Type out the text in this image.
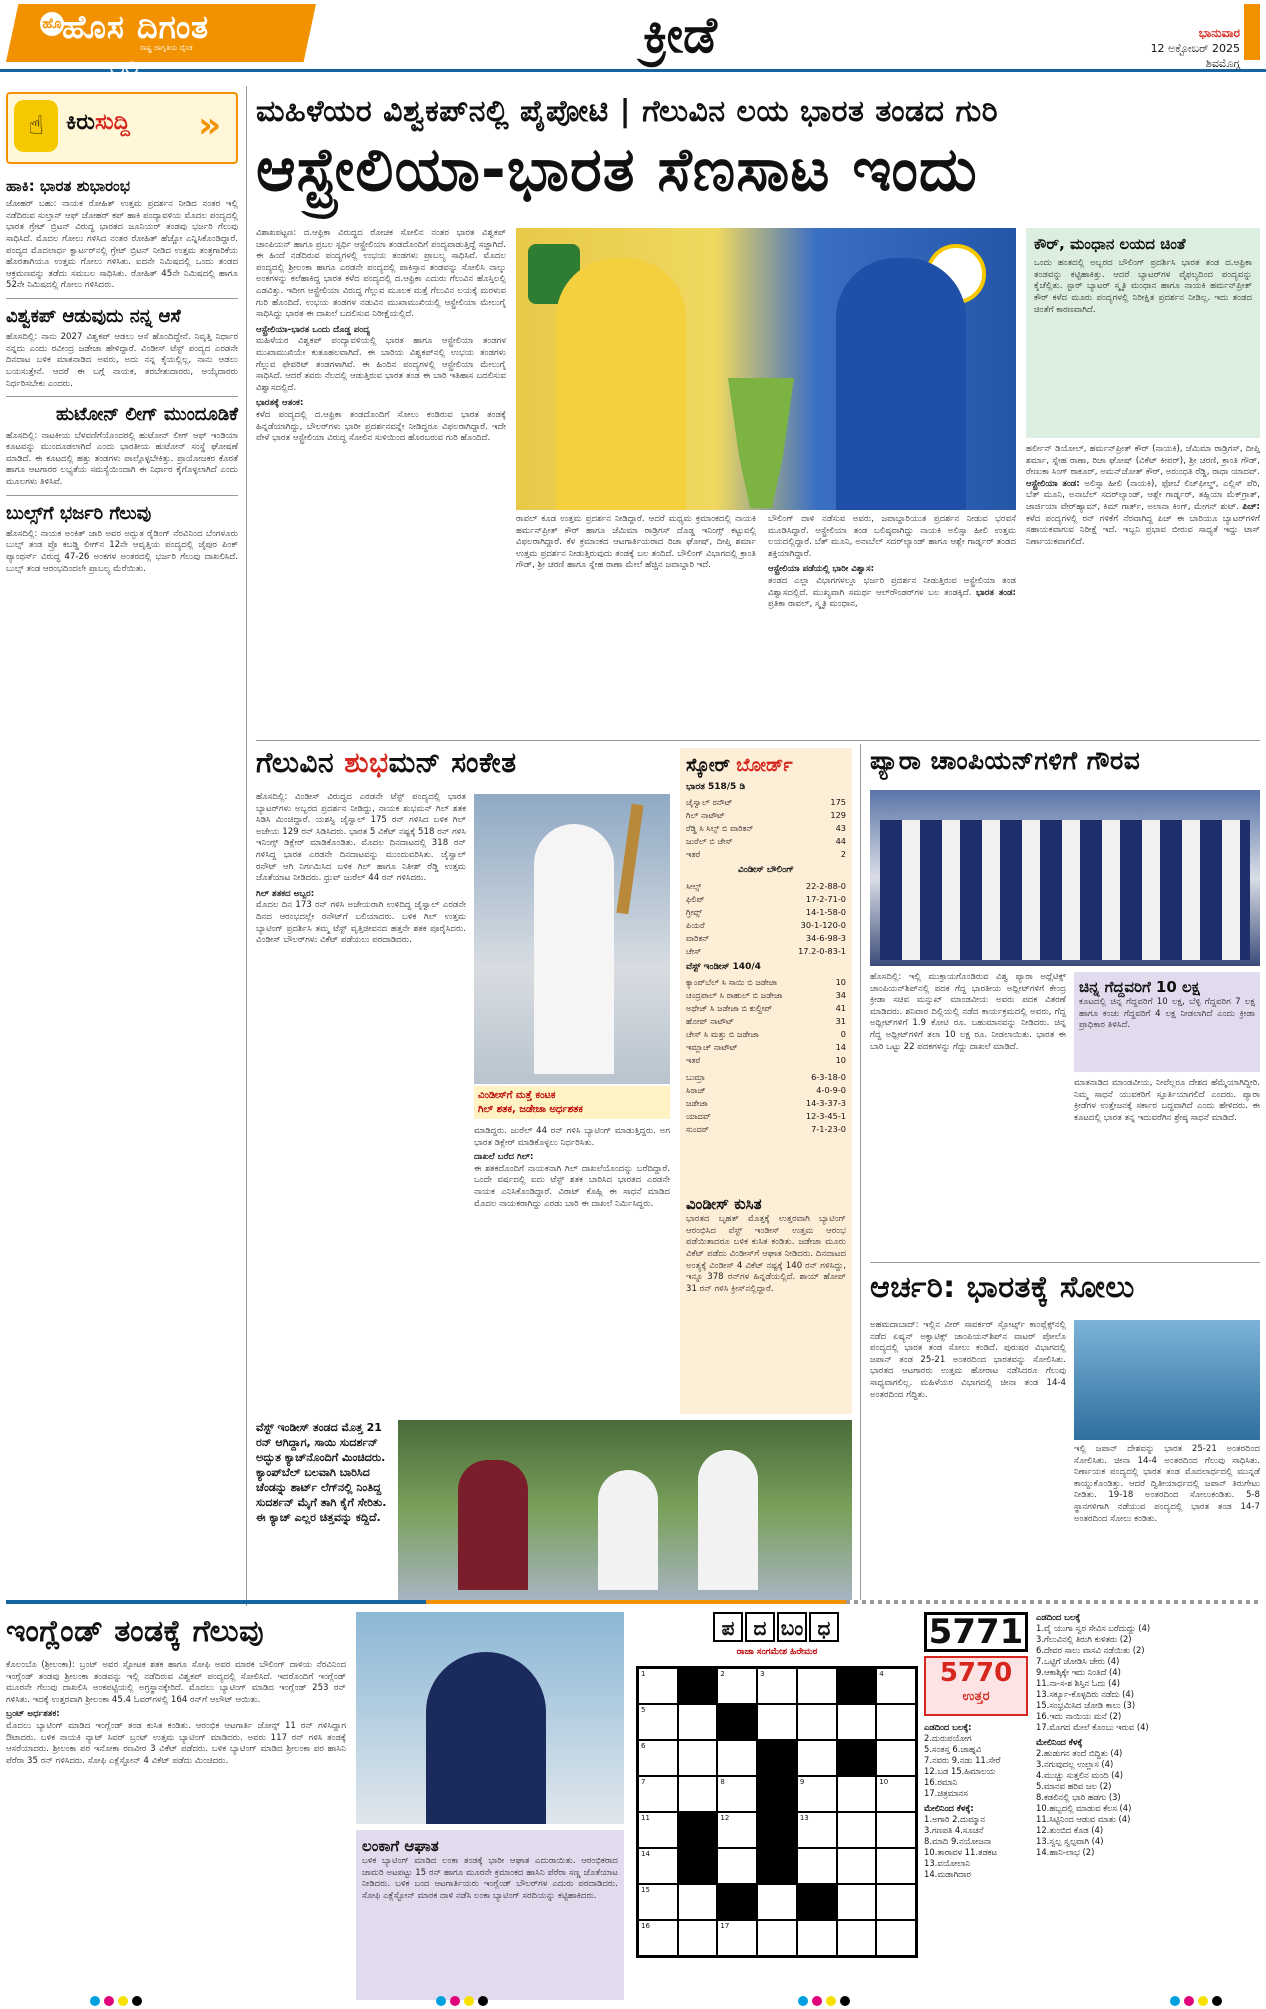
ಹೊ ಹೊಸ ದಿಗಂತ
೧೦
ರಾಷ್ಟ್ರ ಜಾಗೃತಿಯ ದೈನಿಕ	ಕ್ರೀಡೆ	ಭಾನುವಾರ
12 ಅಕ್ಟೋಬರ್ 2025
ಶಿವಮೊಗ್ಗ
☝	ಕಿರುಸುದ್ದಿ »
ಹಾಕಿ: ಭಾರತ ಶುಭಾರಂಭ
ಜೋಹರ್ ಬಹು: ನಾಯಕ ರೋಹಿತ್ ಉತ್ತಮ ಪ್ರದರ್ಶನ ನೀಡಿದ ನಂತರ ಇಲ್ಲಿ ನಡೆದಿರುವ ಸುಲ್ತಾನ್ ಆಫ್ ಜೋಹರ್ ಕಪ್ ಹಾಕಿ ಪಂದ್ಯಾವಳಿಯ ಮೊದಲ ಪಂದ್ಯದಲ್ಲಿ ಭಾರತ ಗ್ರೇಟ್ ಬ್ರಿಟನ್ ವಿರುದ್ಧ ಭಾರತದ ಜೂನಿಯರ್ ತಂಡವು ಭರ್ಜರಿ ಗೆಲುವು ಸಾಧಿಸಿದೆ. ಮೊದಲ ಗೋಲು ಗಳಿಸಿದ ನಂತರ ರೋಹಿತ್ ಹೆಚ್ಚೋ ಎನ್ನಿಸಿಕೊಂಡಿದ್ದಾರೆ. ಪಂದ್ಯದ ಮೊದಲಾರ್ಧ ಕ್ವಾರ್ಟರ್‌ನಲ್ಲಿ ಗ್ರೇಟ್ ಬ್ರಿಟನ್ ನೀಡಿದ ಉತ್ತಮ ತಂತ್ರಗಾರಿಕೆಯ ಹೊರತಾಗಿಯೂ ಉತ್ತಮ ಗೋಲು ಗಳಿಸಿತು. ಐದನೇ ನಿಮಿಷದಲ್ಲಿ ಒಂದು ತಂಡದ ಆಕ್ರಮಣವನ್ನು ತಡೆದು ಸಮಬಲ ಸಾಧಿಸಿತು. ರೋಹಿತ್ 45ನೇ ನಿಮಿಷದಲ್ಲಿ ಹಾಗೂ 52ನೇ ನಿಮಿಷದಲ್ಲಿ ಗೋಲು ಗಳಿಸಿದರು.
ವಿಶ್ವಕಪ್ ಆಡುವುದು ನನ್ನ ಆಸೆ
ಹೊಸದಿಲ್ಲಿ: ನಾನು 2027 ವಿಶ್ವಕಪ್ ಆಡಲು ಆಸೆ ಹೊಂದಿದ್ದೇನೆ. ನಿವೃತ್ತಿ ನಿರ್ಧಾರ ನನ್ನದು ಎಂದು ರವೀಂದ್ರ ಜಡೇಜಾ ಹೇಳಿದ್ದಾರೆ. ವಿಂಡೀಸ್ ಟೆಸ್ಟ್ ಪಂದ್ಯದ ಎರಡನೇ ದಿನದಾಟ ಬಳಿಕ ಮಾತನಾಡಿದ ಅವರು, ಅದು ನನ್ನ ಕೈಯಲ್ಲಿಲ್ಲ, ನಾನು ಆಡಲು ಬಯಸುತ್ತೇನೆ. ಆದರೆ ಈ ಬಗ್ಗೆ ನಾಯಕ, ತರಬೇತುದಾರರು, ಆಯ್ಕೆದಾರರು ನಿರ್ಧರಿಸಬೇಕು ಎಂದರು.
ಹುಟೋನ್ ಲೀಗ್ ಮುಂದೂಡಿಕೆ
ಹೊಸದಿಲ್ಲಿ: ನಾಟಕೀಯ ಬೆಳವಣಿಗೆಯೊಂದರಲ್ಲಿ ಹುಟೋನ್ ಲೀಗ್ ಆಫ್ ಇಂಡಿಯಾ ಕೂಟವನ್ನು ಮುಂದೂಡಲಾಗಿದೆ ಎಂದು ಭಾರತೀಯ ಹುಟೋನ್ ಸಂಸ್ಥೆ ಘೋಷಣೆ ಮಾಡಿದೆ. ಈ ಕೂಟದಲ್ಲಿ ಹತ್ತು ತಂಡಗಳು ಪಾಲ್ಗೊಳ್ಳಬೇಕಿತ್ತು. ಪ್ರಾಯೋಜಕರ ಕೊರತೆ ಹಾಗೂ ಆಟಗಾರರ ಲಭ್ಯತೆಯ ಸಮಸ್ಯೆಯಿಂದಾಗಿ ಈ ನಿರ್ಧಾರ ಕೈಗೊಳ್ಳಲಾಗಿದೆ ಎಂದು ಮೂಲಗಳು ತಿಳಿಸಿವೆ.
ಬುಲ್ಸ್‌ಗೆ ಭರ್ಜರಿ ಗೆಲುವು
ಹೊಸದಿಲ್ಲಿ: ನಾಯಕ ಅಂಕಿತ್ ಜಾರಿ ಅವರ ಅದ್ಭುತ ರೈಡಿಂಗ್ ನೆರವಿನಿಂದ ಬೆಂಗಳೂರು ಬುಲ್ಸ್ ತಂಡ ಪ್ರೊ ಕಬಡ್ಡಿ ಲೀಗ್‌ನ 12ನೇ ಆವೃತ್ತಿಯ ಪಂದ್ಯದಲ್ಲಿ ಜೈಪುರ ಪಿಂಕ್ ಪ್ಯಾಂಥರ್ಸ್ ವಿರುದ್ಧ 47-26 ಅಂಕಗಳ ಅಂತರದಲ್ಲಿ ಭರ್ಜರಿ ಗೆಲುವು ದಾಖಲಿಸಿದೆ. ಬುಲ್ಸ್ ತಂಡ ಆರಂಭದಿಂದಲೇ ಪ್ರಾಬಲ್ಯ ಮೆರೆಯಿತು.
ಮಹಿಳೆಯರ ವಿಶ್ವಕಪ್‌ನಲ್ಲಿ ಪೈಪೋಟಿ | ಗೆಲುವಿನ ಲಯ ಭಾರತ ತಂಡದ ಗುರಿ
ಆಸ್ಟ್ರೇಲಿಯಾ-ಭಾರತ ಸೆಣಸಾಟ ಇಂದು
ವಿಶಾಖಪಟ್ಟಣ: ದ.ಆಫ್ರಿಕಾ ವಿರುದ್ಧದ ರೋಚಕ ಸೋಲಿನ ನಂತರ ಭಾರತ ವಿಶ್ವಕಪ್ ಚಾಂಪಿಯನ್ ಹಾಗೂ ಪ್ರಬಲ ಸ್ಪರ್ಧಿ ಆಸ್ಟ್ರೇಲಿಯಾ ತಂಡದೊಂದಿಗೆ ಪಂದ್ಯವಾಡುತ್ತಿದ್ದೆ ಸಜ್ಜಾಗಿದೆ. ಈ ಹಿಂದೆ ನಡೆದಿರುವ ಪಂದ್ಯಗಳಲ್ಲಿ ಉಭಯ ತಂಡಗಳು ಪ್ರಾಬಲ್ಯ ಸಾಧಿಸಿವೆ. ಮೊದಲ ಪಂದ್ಯದಲ್ಲಿ ಶ್ರೀಲಂಕಾ ಹಾಗೂ ಎರಡನೇ ಪಂದ್ಯದಲ್ಲಿ ಪಾಕಿಸ್ತಾನ ತಂಡವನ್ನು ಸೋಲಿಸಿ ನಾಲ್ಕು ಅಂಕಗಳನ್ನು ಕಲೆಹಾಕಿದ್ದ ಭಾರತ ಕಳೆದ ಪಂದ್ಯದಲ್ಲಿ ದ.ಆಫ್ರಿಕಾ ಎದುರು ಗೆಲುವಿನ ಹೊಸ್ತಿಲಲ್ಲಿ ಎಡವಿತ್ತು. ಇದೀಗ ಆಸ್ಟ್ರೇಲಿಯಾ ವಿರುದ್ಧ ಗೆಲ್ಲುವ ಮೂಲಕ ಮತ್ತೆ ಗೆಲುವಿನ ಲಯಕ್ಕೆ ಮರಳುವ ಗುರಿ ಹೊಂದಿದೆ. ಉಭಯ ತಂಡಗಳ ನಡುವಿನ ಮುಖಾಮುಖಿಯಲ್ಲಿ ಆಸ್ಟ್ರೇಲಿಯಾ ಮೇಲುಗೈ ಸಾಧಿಸಿದ್ದು ಭಾರತ ಈ ದಾಖಲೆ ಬದಲಿಸುವ ನಿರೀಕ್ಷೆಯಲ್ಲಿದೆ.
ಆಸ್ಟ್ರೇಲಿಯಾ-ಭಾರತ ಒಂದು ದೊಡ್ಡ ಪಂದ್ಯ
ಮಹಿಳೆಯರ ವಿಶ್ವಕಪ್ ಪಂದ್ಯಾವಳಿಯಲ್ಲಿ ಭಾರತ ಹಾಗೂ ಆಸ್ಟ್ರೇಲಿಯಾ ತಂಡಗಳ ಮುಖಾಮುಖಿಯೇ ಕುತೂಹಲವಾಗಿದೆ. ಈ ಬಾರಿಯ ವಿಶ್ವಕಪ್‌ನಲ್ಲಿ ಉಭಯ ತಂಡಗಳು ಗೆಲ್ಲುವ ಫೇವರಿಟ್ ತಂಡಗಳಾಗಿವೆ. ಈ ಹಿಂದಿನ ಪಂದ್ಯಗಳಲ್ಲಿ ಆಸ್ಟ್ರೇಲಿಯಾ ಮೇಲುಗೈ ಸಾಧಿಸಿದೆ. ಆದರೆ ತವರು ನೆಲದಲ್ಲಿ ಆಡುತ್ತಿರುವ ಭಾರತ ತಂಡ ಈ ಬಾರಿ ಇತಿಹಾಸ ಬದಲಿಸುವ ವಿಶ್ವಾಸದಲ್ಲಿದೆ.
ಭಾರತಕ್ಕೆ ಆತಂಕ:
ಕಳೆದ ಪಂದ್ಯದಲ್ಲಿ ದ.ಆಫ್ರಿಕಾ ತಂಡದೊಂದಿಗೆ ಸೋಲು ಕಂಡಿರುವ ಭಾರತ ತಂಡಕ್ಕೆ ಹಿನ್ನಡೆಯಾಗಿದ್ದು, ಬೌಲರ್‌ಗಳು ಭಾರೀ ಪ್ರದರ್ಶನವನ್ನೇ ನೀಡಿದ್ದರೂ ವಿಫಲರಾಗಿದ್ದಾರೆ. ಇದೇ ವೇಳೆ ಭಾರತ ಆಸ್ಟ್ರೇಲಿಯಾ ವಿರುದ್ಧ ಸೋಲಿನ ಸುಳಿಯಿಂದ ಹೊರಬರುವ ಗುರಿ ಹೊಂದಿದೆ.
ರಾವಲ್ ಕೂಡ ಉತ್ತಮ ಪ್ರದರ್ಶನ ನೀಡಿದ್ದಾರೆ. ಆದರೆ ಮಧ್ಯಮ ಕ್ರಮಾಂಕದಲ್ಲಿ ನಾಯಕಿ ಹರ್ಮನ್‌ಪ್ರೀತ್ ಕೌರ್ ಹಾಗೂ ಜೆಮಿಮಾ ರಾಡ್ರಿಗಸ್ ದೊಡ್ಡ ಇನಿಂಗ್ಸ್ ಕಟ್ಟುವಲ್ಲಿ ವಿಫಲರಾಗಿದ್ದಾರೆ. ಕೆಳ ಕ್ರಮಾಂಕದ ಆಟಗಾರ್ತಿಯರಾದ ರಿಚಾ ಘೋಷ್, ದೀಪ್ತಿ ಶರ್ಮಾ ಉತ್ತಮ ಪ್ರದರ್ಶನ ನೀಡುತ್ತಿರುವುದು ತಂಡಕ್ಕೆ ಬಲ ತಂದಿದೆ. ಬೌಲಿಂಗ್ ವಿಭಾಗದಲ್ಲಿ ಕ್ರಾಂತಿ ಗೌಡ್, ಶ್ರೀ ಚರಣಿ ಹಾಗೂ ಸ್ನೇಹ ರಾಣಾ ಮೇಲೆ ಹೆಚ್ಚಿನ ಜವಾಬ್ದಾರಿ ಇದೆ.
ಬೌಲಿಂಗ್ ದಾಳಿ ನಡೆಸುವ ಅವರು, ಜವಾಬ್ದಾರಿಯುತ ಪ್ರದರ್ಶನ ನೀಡುವ ಭರವಸೆ ಮೂಡಿಸಿದ್ದಾರೆ. ಆಸ್ಟ್ರೇಲಿಯಾ ತಂಡ ಬಲಿಷ್ಠವಾಗಿದ್ದು ನಾಯಕಿ ಅಲಿಸ್ಸಾ ಹೀಲಿ ಉತ್ತಮ ಲಯದಲ್ಲಿದ್ದಾರೆ. ಬೆತ್ ಮೂನಿ, ಅನಾಬೆಲ್ ಸದರ್‌ಲ್ಯಾಂಡ್ ಹಾಗೂ ಆಶ್ಲೇ ಗಾರ್ಡ್ನರ್ ತಂಡದ ಶಕ್ತಿಯಾಗಿದ್ದಾರೆ.
ಆಸ್ಟ್ರೇಲಿಯಾ ಪಡೆಯಲ್ಲಿ ಭಾರೀ ವಿಶ್ವಾಸ:
ತಂಡದ ಎಲ್ಲಾ ವಿಭಾಗಗಳಲ್ಲೂ ಭರ್ಜರಿ ಪ್ರದರ್ಶನ ನೀಡುತ್ತಿರುವ ಆಸ್ಟ್ರೇಲಿಯಾ ತಂಡ ವಿಶ್ವಾಸದಲ್ಲಿದೆ. ಮುಖ್ಯವಾಗಿ ಸಮರ್ಥ ಆಲ್‌ರೌಂಡರ್‌ಗಳ ಬಲ ತಂಡಕ್ಕಿದೆ. ಭಾರತ ತಂಡ: ಪ್ರತಿಕಾ ರಾವಲ್, ಸ್ಮೃತಿ ಮಂಧಾನ,
ಕೌರ್, ಮಂಧಾನ ಲಯದ ಚಿಂತೆ
ಒಂದು ಹಂತದಲ್ಲಿ ಅಬ್ಬರದ ಬೌಲಿಂಗ್ ಪ್ರದರ್ಶಿಸಿ ಭಾರತ ತಂಡ ದ.ಆಫ್ರಿಕಾ ತಂಡವನ್ನು ಕಟ್ಟಿಹಾಕಿತ್ತು. ಆದರೆ ಬ್ಯಾಟರ್‌ಗಳ ವೈಫಲ್ಯದಿಂದ ಪಂದ್ಯವನ್ನು ಕೈಚೆಲ್ಲಿತು. ಸ್ಟಾರ್ ಬ್ಯಾಟರ್ ಸ್ಮೃತಿ ಮಂಧಾನ ಹಾಗೂ ನಾಯಕಿ ಹರ್ಮನ್‌ಪ್ರೀತ್ ಕೌರ್ ಕಳೆದ ಮೂರು ಪಂದ್ಯಗಳಲ್ಲಿ ನಿರೀಕ್ಷಿತ ಪ್ರದರ್ಶನ ನೀಡಿಲ್ಲ. ಇದು ತಂಡದ ಚಿಂತೆಗೆ ಕಾರಣವಾಗಿದೆ.
ಹರ್ಲೀನ್ ಡಿಯೋಲ್, ಹರ್ಮನ್‌ಪ್ರೀತ್ ಕೌರ್ (ನಾಯಕಿ), ಜೆಮಿಮಾ ರಾಡ್ರಿಗಸ್, ದೀಪ್ತಿ ಶರ್ಮಾ, ಸ್ನೇಹ ರಾಣಾ, ರಿಚಾ ಘೋಷ್ (ವಿಕೆಟ್ ಕೀಪರ್), ಶ್ರೀ ಚರಣಿ, ಕ್ರಾಂತಿ ಗೌಡ್, ರೇಣುಕಾ ಸಿಂಗ್ ಠಾಕೂರ್, ಅಮನ್‌ಜೋತ್ ಕೌರ್, ಅರುಂಧತಿ ರೆಡ್ಡಿ, ರಾಧಾ ಯಾದವ್. ಆಸ್ಟ್ರೇಲಿಯಾ ತಂಡ: ಅಲಿಸ್ಸಾ ಹೀಲಿ (ನಾಯಕಿ), ಫೋಬೆ ಲಿಚ್‌ಫೀಲ್ಡ್, ಎಲ್ಲಿಸ್ ಪೆರಿ, ಬೆತ್ ಮೂನಿ, ಅನಾಬೆಲ್ ಸದರ್‌ಲ್ಯಾಂಡ್, ಆಶ್ಲೇ ಗಾರ್ಡ್ನರ್, ತಹ್ಲಿಯಾ ಮೆಕ್‌ಗ್ರಾತ್, ಜಾರ್ಜಿಯಾ ವೇರ್‌ಹ್ಯಾಮ್, ಕಿಮ್ ಗಾರ್ತ್, ಅಲಾನಾ ಕಿಂಗ್, ಮೇಗನ್ ಶುಟ್. ಪಿಚ್: ಕಳೆದ ಪಂದ್ಯಗಳಲ್ಲಿ ರನ್‌ ಗಳಿಕೆಗೆ ನೆರವಾಗಿದ್ದ ಪಿಚ್ ಈ ಬಾರಿಯೂ ಬ್ಯಾಟರ್‌ಗಳಿಗೆ ಸಹಾಯಕವಾಗುವ ನಿರೀಕ್ಷೆ ಇದೆ. ಇಬ್ಬನಿ ಪ್ರಭಾವ ಬೀರುವ ಸಾಧ್ಯತೆ ಇದ್ದು ಟಾಸ್ ನಿರ್ಣಾಯಕವಾಗಲಿದೆ.
ಗೆಲುವಿನ ಶುಭಮನ್ ಸಂಕೇತ
ಹೊಸದಿಲ್ಲಿ: ವಿಂಡೀಸ್ ವಿರುದ್ಧದ ಎರಡನೇ ಟೆಸ್ಟ್ ಪಂದ್ಯದಲ್ಲಿ ಭಾರತ ಬ್ಯಾಟರ್‌ಗಳು ಅಬ್ಬರದ ಪ್ರದರ್ಶನ ನೀಡಿದ್ದು, ನಾಯಕ ಶುಭಮನ್ ಗಿಲ್ ಶತಕ ಸಿಡಿಸಿ ಮಿಂಚಿದ್ದಾರೆ. ಯಶಸ್ವಿ ಜೈಸ್ವಾಲ್ 175 ರನ್ ಗಳಿಸಿದ ಬಳಿಕ ಗಿಲ್ ಅಜೇಯ 129 ರನ್ ಸಿಡಿಸಿದರು. ಭಾರತ 5 ವಿಕೆಟ್ ನಷ್ಟಕ್ಕೆ 518 ರನ್ ಗಳಿಸಿ ಇನಿಂಗ್ಸ್ ಡಿಕ್ಲೇರ್ ಮಾಡಿಕೊಂಡಿತು. ಮೊದಲ ದಿನದಾಟದಲ್ಲಿ 318 ರನ್ ಗಳಿಸಿದ್ದ ಭಾರತ ಎರಡನೇ ದಿನದಾಟವನ್ನು ಮುಂದುವರಿಸಿತು. ಜೈಸ್ವಾಲ್ ರನೌಟ್ ಆಗಿ ನಿರ್ಗಮಿಸಿದ ಬಳಿಕ ಗಿಲ್ ಹಾಗೂ ನಿತೀಶ್ ರೆಡ್ಡಿ ಉತ್ತಮ ಜೊತೆಯಾಟ ನೀಡಿದರು. ಧ್ರುವ್ ಜುರೆಲ್ 44 ರನ್ ಗಳಿಸಿದರು.
ಗಿಲ್ ಶತಕದ ಅಬ್ಬರ:
ಮೊದಲ ದಿನ 173 ರನ್ ಗಳಿಸಿ ಅಜೇಯರಾಗಿ ಉಳಿದಿದ್ದ ಜೈಸ್ವಾಲ್ ಎರಡನೇ ದಿನದ ಆರಂಭದಲ್ಲೇ ರನೌಟ್‌ಗೆ ಬಲಿಯಾದರು. ಬಳಿಕ ಗಿಲ್ ಉತ್ತಮ ಬ್ಯಾಟಿಂಗ್ ಪ್ರದರ್ಶಿಸಿ ತಮ್ಮ ಟೆಸ್ಟ್ ವೃತ್ತಿಜೀವನದ ಹತ್ತನೇ ಶತಕ ಪೂರೈಸಿದರು. ವಿಂಡೀಸ್ ಬೌಲರ್‌ಗಳು ವಿಕೆಟ್ ಪಡೆಯಲು ಪರದಾಡಿದರು.
ವಿಂಡೀಸ್‌ಗೆ ಮತ್ತೆ ಕಂಟಕ
ಗಿಲ್ ಶತಕ, ಜಡೇಜಾ ಅರ್ಧಶತಕ
ಮಾಡಿದ್ದರು. ಜುರೆಲ್ 44 ರನ್ ಗಳಿಸಿ ಬ್ಯಾಟಿಂಗ್ ಮಾಡುತ್ತಿದ್ದರು. ಅಗ ಭಾರತ ಡಿಕ್ಲೇರ್ ಮಾಡಿಕೊಳ್ಳಲು ನಿರ್ಧರಿಸಿತು.
ದಾಖಲೆ ಬರೆದ ಗಿಲ್:
ಈ ಶತಕದೊಂದಿಗೆ ನಾಯಕನಾಗಿ ಗಿಲ್ ದಾಖಲೆಯೊಂದನ್ನು ಬರೆದಿದ್ದಾರೆ. ಒಂದೇ ವರ್ಷದಲ್ಲಿ ಐದು ಟೆಸ್ಟ್ ಶತಕ ಬಾರಿಸಿದ ಭಾರತದ ಎರಡನೇ ನಾಯಕ ಎನಿಸಿಕೊಂಡಿದ್ದಾರೆ. ವಿರಾಟ್ ಕೊಹ್ಲಿ ಈ ಸಾಧನೆ ಮಾಡಿದ ಮೊದಲ ನಾಯಕರಾಗಿದ್ದು ಎರಡು ಬಾರಿ ಈ ದಾಖಲೆ ನಿರ್ಮಿಸಿದ್ದರು.
ವೆಸ್ಟ್ ಇಂಡೀಸ್ ತಂಡದ ಮೊತ್ತ 21 ರನ್ ಆಗಿದ್ದಾಗ, ಸಾಯಿ ಸುದರ್ಶನ್ ಅದ್ಭುತ ಕ್ಯಾಚ್‌ನೊಂದಿಗೆ ಮಿಂಚಿದರು. ಕ್ಯಾಂಪ್‌ಬೆಲ್ ಬಲವಾಗಿ ಬಾರಿಸಿದ ಚೆಂಡನ್ನು ಶಾರ್ಟ್ ಲೆಗ್‌ನಲ್ಲಿ ನಿಂತಿದ್ದ ಸುದರ್ಶನ್ ಮೈಗೆ ತಾಗಿ ಕೈಗೆ ಸೇರಿತು. ಈ ಕ್ಯಾಚ್ ಎಲ್ಲರ ಚಿತ್ತವನ್ನು ಕದ್ದಿದೆ.
ಸ್ಕೋರ್ ಬೋರ್ಡ್
ಭಾರತ 518/5 ಡಿ
ಜೈಸ್ವಾಲ್ ರನೌಟ್	175
ಗಿಲ್ ನಾಟೌಟ್	129
ರೆಡ್ಡಿ ಸಿ ಸಿಲ್ಸ್ ಬಿ ವಾರಿಕನ್	43
ಜುರೆಲ್ ಬಿ ಚೇಸ್	44
ಇತರೆ	2
ವಿಂಡೀಸ್ ಬೌಲಿಂಗ್
ಸೀಲ್ಸ್	22-2-88-0
ಫಿಲಿಪ್	17-2-71-0
ಗ್ರೀವ್ಸ್	14-1-58-0
ಪಿಯರೆ	30-1-120-0
ವಾರಿಕನ್	34-6-98-3
ಚೇಸ್	17.2-0-83-1
ವೆಸ್ಟ್ ಇಂಡೀಸ್ 140/4
ಕ್ಯಾಂಪ್‌ಬೆಲ್ ಸಿ ಸಾಯಿ ಬಿ ಜಡೇಜಾ	10
ಚಂದ್ರಪಾಲ್ ಸಿ ರಾಹುಲ್ ಬಿ ಜಡೇಜಾ	34
ಅಥೇಜ್ ಸಿ ಜಡೇಜಾ ಬಿ ಕುಲ್ದೀಪ್	41
ಹೋಪ್ ನಾಟೌಟ್	31
ಚೇಸ್ ಸಿ ಮತ್ತು ಬಿ ಜಡೇಜಾ	0
ಇಮ್ಲಾಚ್ ನಾಟೌಟ್	14
ಇತರೆ	10
ಬುಮ್ರಾ	6-3-18-0
ಸಿರಾಜ್	4-0-9-0
ಜಡೇಜಾ	14-3-37-3
ಯಾದವ್	12-3-45-1
ಸುಂದರ್	7-1-23-0
ವಿಂಡೀಸ್ ಕುಸಿತ
ಭಾರತದ ಬೃಹತ್ ಮೊತ್ತಕ್ಕೆ ಉತ್ತರವಾಗಿ ಬ್ಯಾಟಿಂಗ್ ಆರಂಭಿಸಿದ ವೆಸ್ಟ್ ಇಂಡೀಸ್ ಉತ್ತಮ ಆರಂಭ ಪಡೆಯಿತಾದರೂ ಬಳಿಕ ಕುಸಿತ ಕಂಡಿತು. ಜಡೇಜಾ ಮೂರು ವಿಕೆಟ್ ಪಡೆದು ವಿಂಡೀಸ್‌ಗೆ ಆಘಾತ ನೀಡಿದರು. ದಿನದಾಟದ ಅಂತ್ಯಕ್ಕೆ ವಿಂಡೀಸ್ 4 ವಿಕೆಟ್ ನಷ್ಟಕ್ಕೆ 140 ರನ್ ಗಳಿಸಿದ್ದು, ಇನ್ನೂ 378 ರನ್‌ಗಳ ಹಿನ್ನಡೆಯಲ್ಲಿದೆ. ಶಾಯ್ ಹೋಪ್ 31 ರನ್ ಗಳಿಸಿ ಕ್ರೀಸ್‌ನಲ್ಲಿದ್ದಾರೆ.
ಪ್ಯಾರಾ ಚಾಂಪಿಯನ್‌ಗಳಿಗೆ ಗೌರವ
ಹೊಸದಿಲ್ಲಿ: ಇಲ್ಲಿ ಮುಕ್ತಾಯಗೊಂಡಿರುವ ವಿಶ್ವ ಪ್ಯಾರಾ ಅಥ್ಲೆಟಿಕ್ಸ್ ಚಾಂಪಿಯನ್‌ಶಿಪ್‌ನಲ್ಲಿ ಪದಕ ಗೆದ್ದ ಭಾರತೀಯ ಅಥ್ಲೀಟ್‌ಗಳಿಗೆ ಕೇಂದ್ರ ಕ್ರೀಡಾ ಸಚಿವ ಮನ್ಸುಖ್ ಮಾಂಡವೀಯ ಅವರು ಪದಕ ವಿತರಣೆ ಮಾಡಿದರು. ಶನಿವಾರ ದಿಲ್ಲಿಯಲ್ಲಿ ನಡೆದ ಕಾರ್ಯಕ್ರಮದಲ್ಲಿ ಅವರು, ಗೆದ್ದ ಅಥ್ಲೀಟ್‌ಗಳಿಗೆ 1.9 ಕೋಟಿ ರೂ. ಬಹುಮಾನವನ್ನು ನೀಡಿದರು. ಚಿನ್ನ ಗೆದ್ದ ಅಥ್ಲೀಟ್‌ಗಳಿಗೆ ತಲಾ 10 ಲಕ್ಷ ರೂ. ನೀಡಲಾಯಿತು. ಭಾರತ ಈ ಬಾರಿ ಒಟ್ಟು 22 ಪದಕಗಳನ್ನು ಗೆದ್ದು ದಾಖಲೆ ಮಾಡಿದೆ.
ಚಿನ್ನ ಗೆದ್ದವರಿಗೆ 10 ಲಕ್ಷ
ಕೂಟದಲ್ಲಿ ಚಿನ್ನ ಗೆದ್ದವರಿಗೆ 10 ಲಕ್ಷ, ಬೆಳ್ಳಿ ಗೆದ್ದವರಿಗ 7 ಲಕ್ಷ ಹಾಗೂ ಕಂಚು ಗೆದ್ದವರಿಗೆ 4 ಲಕ್ಷ ನೀಡಲಾಗಿದೆ ಎಂದು ಕ್ರೀಡಾ ಪ್ರಾಧಿಕಾರ ತಿಳಿಸಿದೆ.
ಮಾತನಾಡಿದ ಮಾಂಡವೀಯ, ನೀವೆಲ್ಲರೂ ದೇಶದ ಹೆಮ್ಮೆಯಾಗಿದ್ದೀರಿ. ನಿಮ್ಮ ಸಾಧನೆ ಯುವಕರಿಗೆ ಸ್ಫೂರ್ತಿಯಾಗಲಿದೆ ಎಂದರು. ಪ್ಯಾರಾ ಕ್ರೀಡೆಗಳ ಉತ್ತೇಜನಕ್ಕೆ ಸರ್ಕಾರ ಬದ್ಧವಾಗಿದೆ ಎಂದು ಹೇಳಿದರು. ಈ ಕೂಟದಲ್ಲಿ ಭಾರತ ತನ್ನ ಇದುವರೆಗಿನ ಶ್ರೇಷ್ಠ ಸಾಧನೆ ಮಾಡಿದೆ.
ಆರ್ಚರಿ: ಭಾರತಕ್ಕೆ ಸೋಲು
ಅಹಮದಾಬಾದ್: ಇಲ್ಲಿನ ವೀರ್ ಸಾವರ್ಕರ್ ಸ್ಪೋರ್ಟ್ಸ್ ಕಾಂಪ್ಲೆಕ್ಸ್‌ನಲ್ಲಿ ನಡೆದ ಏಷ್ಯನ್ ಅಕ್ವಾಟಿಕ್ಸ್ ಚಾಂಪಿಯನ್‌ಶಿಪ್‌ನ ವಾಟರ್ ಪೋಲೊ ಪಂದ್ಯದಲ್ಲಿ ಭಾರತ ತಂಡ ಸೋಲು ಕಂಡಿದೆ. ಪುರುಷರ ವಿಭಾಗದಲ್ಲಿ ಜಪಾನ್ ತಂಡ 25-21 ಅಂತರದಿಂದ ಭಾರತವನ್ನು ಸೋಲಿಸಿತು. ಭಾರತದ ಆಟಗಾರರು ಉತ್ತಮ ಹೋರಾಟ ನಡೆಸಿದರೂ ಗೆಲುವು ಸಾಧ್ಯವಾಗಲಿಲ್ಲ. ಮಹಿಳೆಯರ ವಿಭಾಗದಲ್ಲಿ ಚೀನಾ ತಂಡ 14-4 ಅಂತರದಿಂದ ಗೆದ್ದಿತು.
ಇಲ್ಲಿ ಜಪಾನ್ ದೇಶವನ್ನು ಭಾರತ 25-21 ಅಂತರದಿಂದ ಸೋಲಿಸಿತು. ಚೀನಾ 14-4 ಅಂತರದಿಂದ ಗೆಲುವು ಸಾಧಿಸಿತು. ನಿರ್ಣಾಯಕ ಪಂದ್ಯದಲ್ಲಿ ಭಾರತ ತಂಡ ಮೊದಲಾರ್ಧದಲ್ಲಿ ಮುನ್ನಡೆ ಕಾಯ್ದುಕೊಂಡಿತ್ತು. ಆದರೆ ದ್ವಿತೀಯಾರ್ಧದಲ್ಲಿ ಜಪಾನ್ ತಿರುಗೇಟು ನೀಡಿತು. 19-18 ಅಂತರದಿಂದ ಸೋಲುಕಂಡಿತು. 5-8 ಸ್ಥಾನಗಳಿಗಾಗಿ ನಡೆಯುವ ಪಂದ್ಯದಲ್ಲಿ ಭಾರತ ತಂಡ 14-7 ಅಂತರದಿಂದ ಸೋಲು ಕಂಡಿತು.
ಇಂಗ್ಲೆಂಡ್ ತಂಡಕ್ಕೆ ಗೆಲುವು
ಕೊಲಂಬೊ (ಶ್ರೀಲಂಕಾ): ಬ್ರಂಟ್ ಅವರ ಸ್ಫೋಟಕ ಶತಕ ಹಾಗೂ ಸೋಫಿ ಅವರ ಮಾರಕ ಬೌಲಿಂಗ್ ದಾಳಿಯ ನೆರವಿನಿಂದ ಇಂಗ್ಲೆಂಡ್ ತಂಡವು ಶ್ರೀಲಂಕಾ ತಂಡವನ್ನು ಇಲ್ಲಿ ನಡೆದಿರುವ ವಿಶ್ವಕಪ್ ಪಂದ್ಯದಲ್ಲಿ ಸೋಲಿಸಿದೆ. ಇದರೊಂದಿಗೆ ಇಂಗ್ಲೆಂಡ್ ಮೂರನೇ ಗೆಲುವು ದಾಖಲಿಸಿ ಅಂಕಪಟ್ಟಿಯಲ್ಲಿ ಅಗ್ರಸ್ಥಾನಕ್ಕೇರಿದೆ. ಮೊದಲು ಬ್ಯಾಟಿಂಗ್ ಮಾಡಿದ ಇಂಗ್ಲೆಂಡ್ 253 ರನ್ ಗಳಿಸಿತು. ಇದಕ್ಕೆ ಉತ್ತರವಾಗಿ ಶ್ರೀಲಂಕಾ 45.4 ಓವರ್‌ಗಳಲ್ಲಿ 164 ರನ್‌ಗೆ ಆಲೌಟ್ ಆಯಿತು.
ಬ್ರಂಟ್ ಅರ್ಧಶತಕ:
ಮೊದಲು ಬ್ಯಾಟಿಂಗ್ ಮಾಡಿದ ಇಂಗ್ಲೆಂಡ್ ತಂಡ ಕುಸಿತ ಕಂಡಿತು. ಆರಂಭಿಕ ಆಟಗಾರ್ತಿ ಜೋನ್ಸ್ 11 ರನ್ ಗಳಿಸಿದ್ದಾಗ ಔಟಾದರು. ಬಳಿಕ ನಾಯಕಿ ನ್ಯಾಟ್ ಸಿವರ್ ಬ್ರಂಟ್ ಉತ್ತಮ ಬ್ಯಾಟಿಂಗ್ ಮಾಡಿದರು. ಅವರು 117 ರನ್ ಗಳಿಸಿ ತಂಡಕ್ಕೆ ಆಸರೆಯಾದರು. ಶ್ರೀಲಂಕಾ ಪರ ಇನೋಕಾ ರಣವೀರ 3 ವಿಕೆಟ್ ಪಡೆದರು. ಬಳಿಕ ಬ್ಯಾಟಿಂಗ್ ಮಾಡಿದ ಶ್ರೀಲಂಕಾ ಪರ ಹಾಸಿನಿ ಪೆರೆರಾ 35 ರನ್ ಗಳಿಸಿದರು. ಸೋಫಿ ಎಕ್ಲೆಸ್ಟೋನ್ 4 ವಿಕೆಟ್ ಪಡೆದು ಮಿಂಚಿದರು.
ಲಂಕಾಗೆ ಆಘಾತ
ಬಳಿಕ ಬ್ಯಾಟಿಂಗ್ ಮಾಡಿದ ಲಂಕಾ ತಂಡಕ್ಕೆ ಭಾರೀ ಆಘಾತ ಎದುರಾಯಿತು. ಆರಂಭಿಕರಾದ ಚಾಮರಿ ಅಟಪಟ್ಟು 15 ರನ್ ಹಾಗೂ ಮೂರನೇ ಕ್ರಮಾಂಕದ ಹಾಸಿನಿ ಪೆರೆರಾ ಸಣ್ಣ ಜೊತೆಯಾಟ ನೀಡಿದರು. ಬಳಿಕ ಬಂದ ಆಟಗಾರ್ತಿಯರು ಇಂಗ್ಲೆಂಡ್ ಬೌಲರ್‌ಗಳ ಎದುರು ಪರದಾಡಿದರು. ಸೋಫಿ ಎಕ್ಲೆಸ್ಟೋನ್ ಮಾರಕ ದಾಳಿ ನಡೆಸಿ ಲಂಕಾ ಬ್ಯಾಟಿಂಗ್ ಸರದಿಯನ್ನು ಕಟ್ಟಿಹಾಕಿದರು.
ಪ ದ ಬಂ ಧ
ರಾಜಾ ಸಂಗಮೇಶ ಹಿರೇಮಠ
1	2	3	4
5
6
7	8	9	10
11	12	13
14
15
16	17
5771
5770
ಉತ್ತರ
ಎಡದಿಂದ ಬಲಕ್ಕೆ:
2.ದುರುಪಯೋಗ
5.ಸಂತಸ್ತ 6.ಜಾಹ್ನವಿ
7.ನವರು 9.ನಡು 11.ಸೇರೆ
12.ಬಡ 15.ಹಿಮಾಲಯ
16.ರಮಾನಿ
17.ಚಿತ್ರಮಾನಸ
ಮೇಲಿನಿಂದ ಕೆಳಕ್ಕೆ:
1.ಅಗಾರಿ 2.ದುಮ್ಮಾನ
3.ಗಣಪತಿ 4.ಸೂಚನೆ
8.ಮಾದಿ 9.ನಯೋಜನಾ
10.ತಾರಾವಳ 11.ತಡಕಟ
13.ವಯೋಲಾನಿ
14.ಮಡಾಗಿದಾರ
ಎಡದಿಂದ ಬಲಕ್ಕೆ
1.ವೈ ಯುಗಾ ಸ್ವರ ಸೇವಿಸ ಬರೆದುದ್ದು (4)
3.ಗೆಲುವಿನಲ್ಲಿ ತಿರುಗಿ ಕುಳಿತರು (2)
6.ದೇವರ ಸಾಲು ವಾಸವಿ ನಡೆಯಿತು (2)
7.ಒಟ್ಟಿಗೆ ಜೋಡಿಸಿ ಚೇರು (4)
9.ಆಕಾಶ್ಕಿಕ್ಕೇ ಇದು ನಿಂತಿದೆ (4)
11.ನಾ-ಸ-ಶ ಶಿಸ್ತಿನ ಓದು (4)
13.ಸರ್ಕ್ಯೂ-ಕೊಳ್ಳದಿರು ನಡೆದು (4)
15.ಸಂಭ್ರಮಿಸಿದ ಜೋಡಿ ಕಾಲು (3)
16.ಇದು ನಾಯಿಯ ಮನೆ (2)
17.ಮೊಗದ ಮೇಲೆ ಕೊಂಬು ಇರುವ (4)
ಮೇಲಿನಿಂದ ಕೆಳಕ್ಕೆ
2.ಹುಡುಗನ ತಂದೆ ಬಿದ್ದಿತು (4)
3.ನಗುವುದಲ್ಲ ಉಲ್ಲಾಸ (4)
4.ಮುಚ್ಚು ಸುತ್ತಲಿನ ಮಂದಿ (4)
5.ಮಾನವ ಹರಿವ ಜಲ (2)
8.ಕಡಲಿನಲ್ಲಿ ಭಾರಿ ಹಡಗು (3)
10.ಹಬ್ಬದಲ್ಲಿ ಮಾಡುವ ಕೆಲಸ (4)
11.ಸಿಟ್ಟಿನಿಂದ ಆಡುವ ಮಾತು (4)
12.ತುಂಬಿದ ಕೊಡ (4)
13.ಸ್ವಲ್ಪ ಸ್ವಲ್ಪವಾಗಿ (4)
14.ಹಾನಿ-ಲಾಭ (2)
